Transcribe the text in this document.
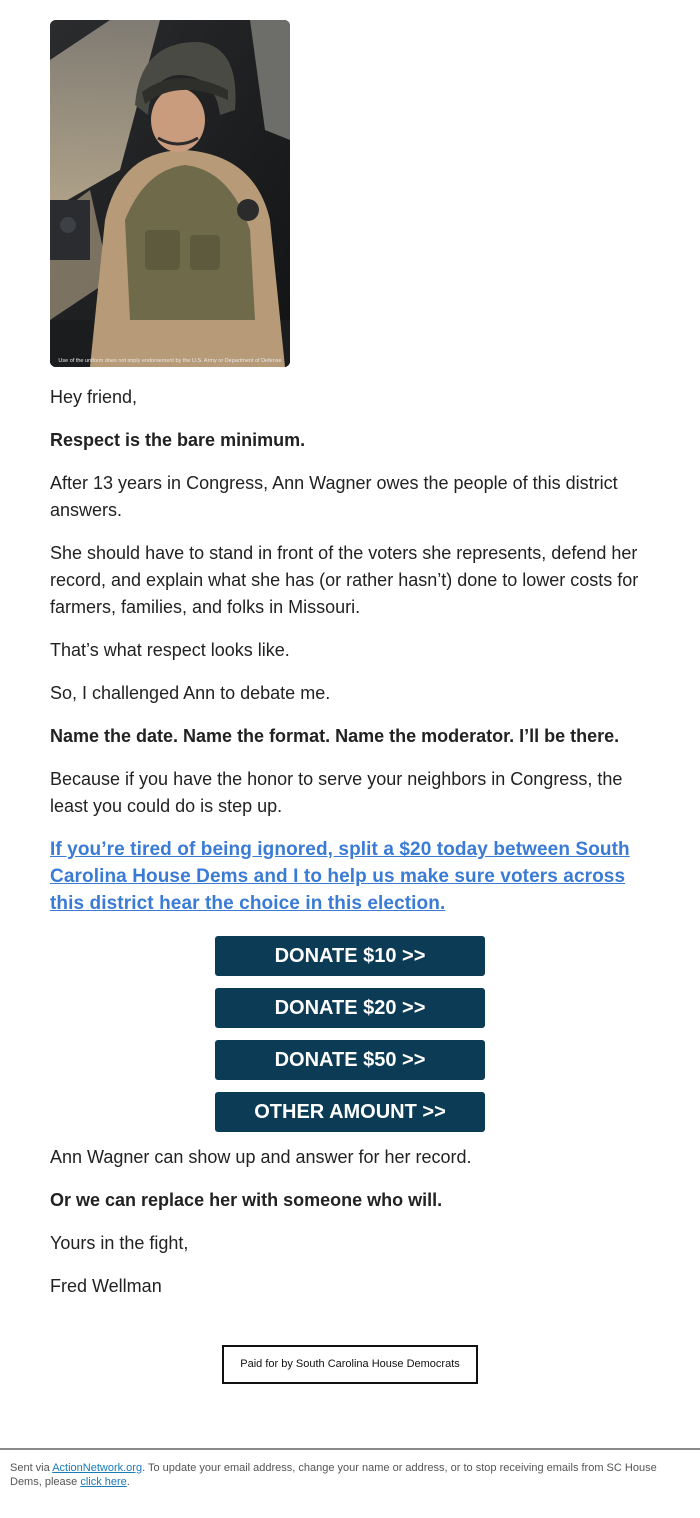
Use of the uniform does not imply endorsement by the U.S. Army or Department of Defense

Hey friend,

Respect is the bare minimum.

After 13 years in Congress, Ann Wagner owes the people of this district answers.

She should have to stand in front of the voters she represents, defend her record, and explain what she has (or rather hasn’t) done to lower costs for farmers, families, and folks in Missouri.

That’s what respect looks like.

So, I challenged Ann to debate me.

Name the date. Name the format. Name the moderator. I’ll be there.

Because if you have the honor to serve your neighbors in Congress, the least you could do is step up.

If you’re tired of being ignored, split a $20 today between South Carolina House Dems and I to help us make sure voters across this district hear the choice in this election.
DONATE $10 >>
DONATE $20 >>
DONATE $50 >>
OTHER AMOUNT >>

Ann Wagner can show up and answer for her record.

Or we can replace her with someone who will.

Yours in the fight,

Fred Wellman

Paid for by South Carolina House Democrats
Sent via ActionNetwork.org. To update your email address, change your name or address, or to stop receiving emails from SC House Dems, please click here.
